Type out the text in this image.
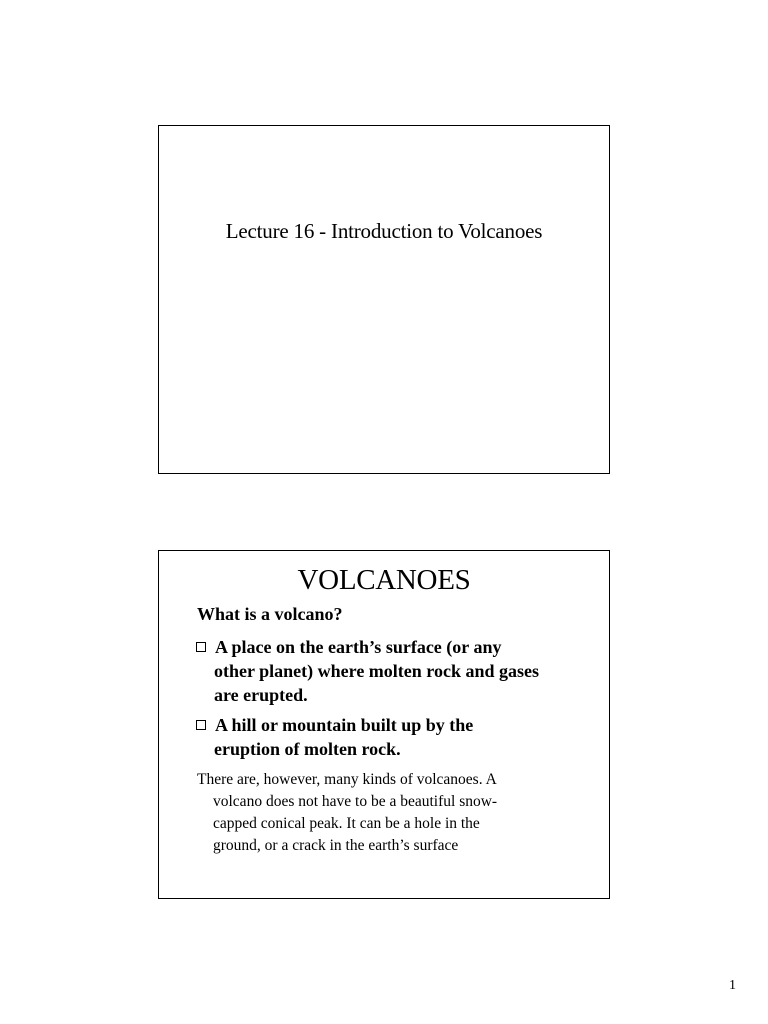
Lecture 16 - Introduction to Volcanoes
VOLCANOES
What is a volcano?
A place on the earth’s surface (or any
other planet) where molten rock and gases
are erupted.
A hill or mountain built up by the
eruption of molten rock.
There are, however, many kinds of volcanoes. A
volcano does not have to be a beautiful snow-
capped conical peak. It can be a hole in the
ground, or a crack in the earth’s surface
1
